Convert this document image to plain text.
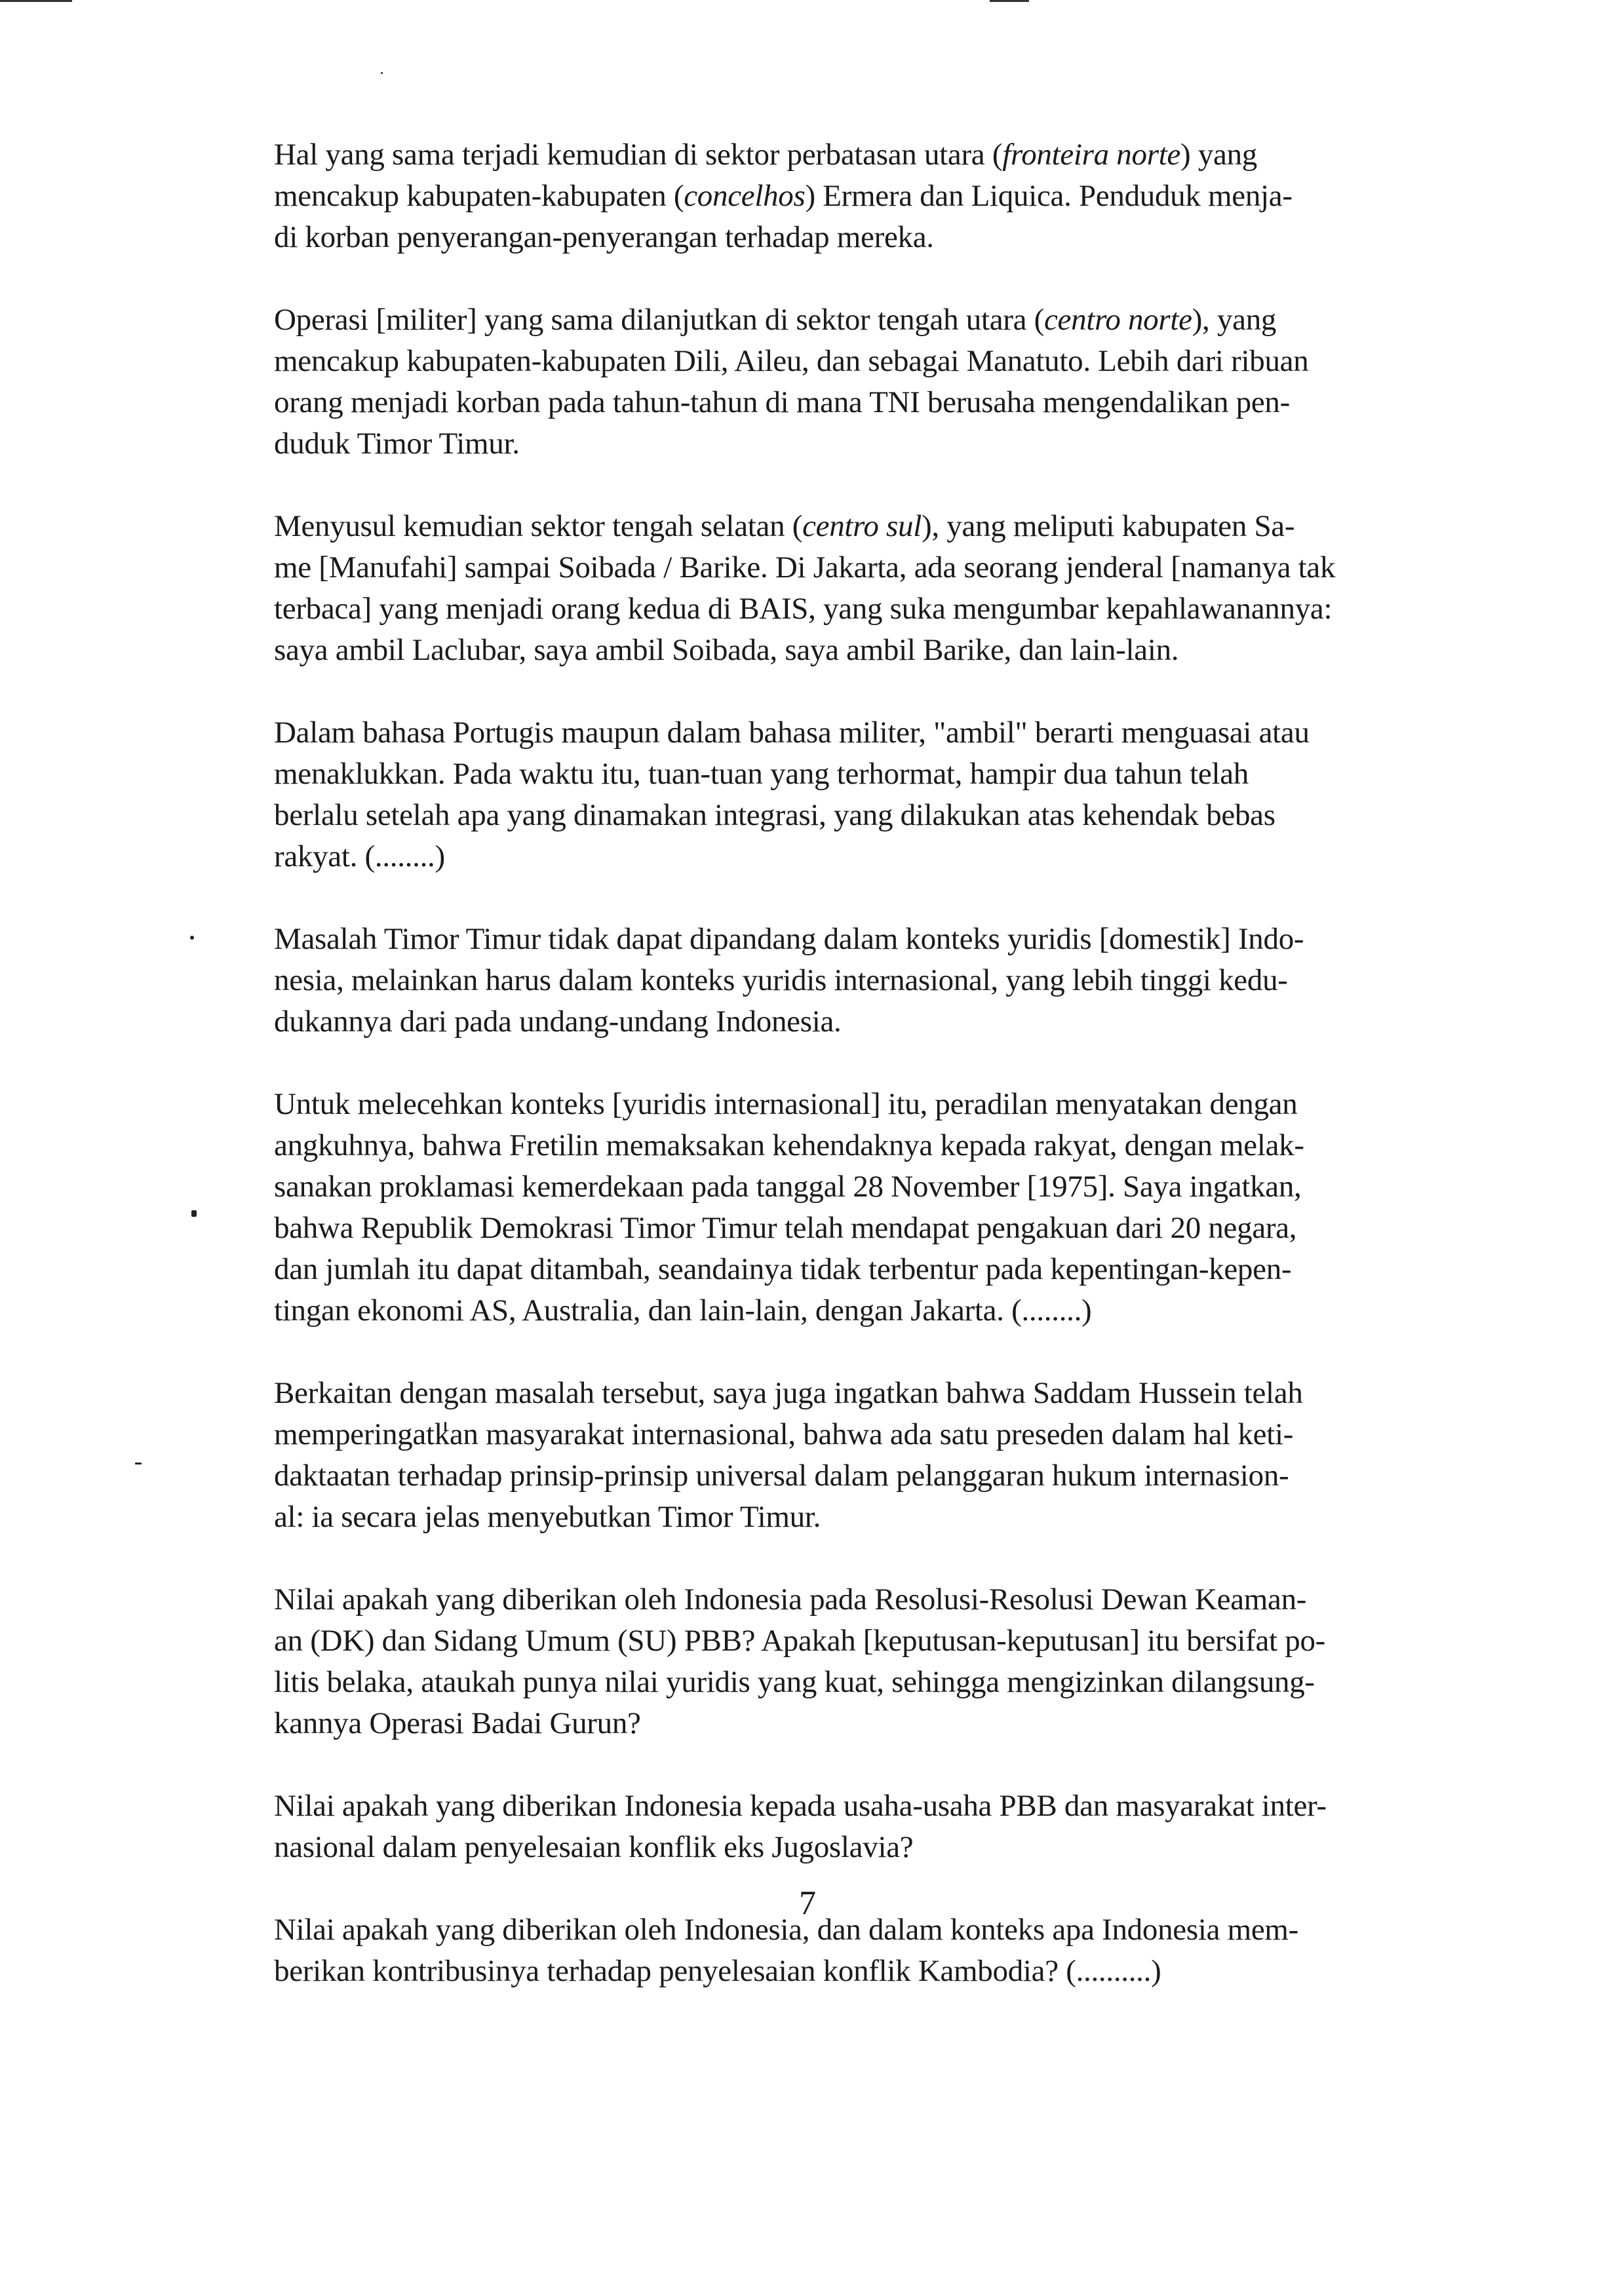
Hal yang sama terjadi kemudian di sektor perbatasan utara (fronteira norte) yang
mencakup kabupaten-kabupaten (concelhos) Ermera dan Liquica. Penduduk menja-
di korban penyerangan-penyerangan terhadap mereka.
Operasi [militer] yang sama dilanjutkan di sektor tengah utara (centro norte), yang
mencakup kabupaten-kabupaten Dili, Aileu, dan sebagai Manatuto. Lebih dari ribuan
orang menjadi korban pada tahun-tahun di mana TNI berusaha mengendalikan pen-
duduk Timor Timur.
Menyusul kemudian sektor tengah selatan (centro sul), yang meliputi kabupaten Sa-
me [Manufahi] sampai Soibada / Barike. Di Jakarta, ada seorang jenderal [namanya tak
terbaca] yang menjadi orang kedua di BAIS, yang suka mengumbar kepahlawanannya:
saya ambil Laclubar, saya ambil Soibada, saya ambil Barike, dan lain-lain.
Dalam bahasa Portugis maupun dalam bahasa militer, "ambil" berarti menguasai atau
menaklukkan. Pada waktu itu, tuan-tuan yang terhormat, hampir dua tahun telah
berlalu setelah apa yang dinamakan integrasi, yang dilakukan atas kehendak bebas
rakyat. (........)
Masalah Timor Timur tidak dapat dipandang dalam konteks yuridis [domestik] Indo-
nesia, melainkan harus dalam konteks yuridis internasional, yang lebih tinggi kedu-
dukannya dari pada undang-undang Indonesia.
Untuk melecehkan konteks [yuridis internasional] itu, peradilan menyatakan dengan
angkuhnya, bahwa Fretilin memaksakan kehendaknya kepada rakyat, dengan melak-
sanakan proklamasi kemerdekaan pada tanggal 28 November [1975]. Saya ingatkan,
bahwa Republik Demokrasi Timor Timur telah mendapat pengakuan dari 20 negara,
dan jumlah itu dapat ditambah, seandainya tidak terbentur pada kepentingan-kepen-
tingan ekonomi AS, Australia, dan lain-lain, dengan Jakarta. (........)
Berkaitan dengan masalah tersebut, saya juga ingatkan bahwa Saddam Hussein telah
memperingatkan masyarakat internasional, bahwa ada satu preseden dalam hal keti-
daktaatan terhadap prinsip-prinsip universal dalam pelanggaran hukum internasion-
al: ia secara jelas menyebutkan Timor Timur.
Nilai apakah yang diberikan oleh Indonesia pada Resolusi-Resolusi Dewan Keaman-
an (DK) dan Sidang Umum (SU) PBB? Apakah [keputusan-keputusan] itu bersifat po-
litis belaka, ataukah punya nilai yuridis yang kuat, sehingga mengizinkan dilangsung-
kannya Operasi Badai Gurun?
Nilai apakah yang diberikan Indonesia kepada usaha-usaha PBB dan masyarakat inter-
nasional dalam penyelesaian konflik eks Jugoslavia?
Nilai apakah yang diberikan oleh Indonesia, dan dalam konteks apa Indonesia mem-
berikan kontribusinya terhadap penyelesaian konflik Kambodia? (..........)
7
